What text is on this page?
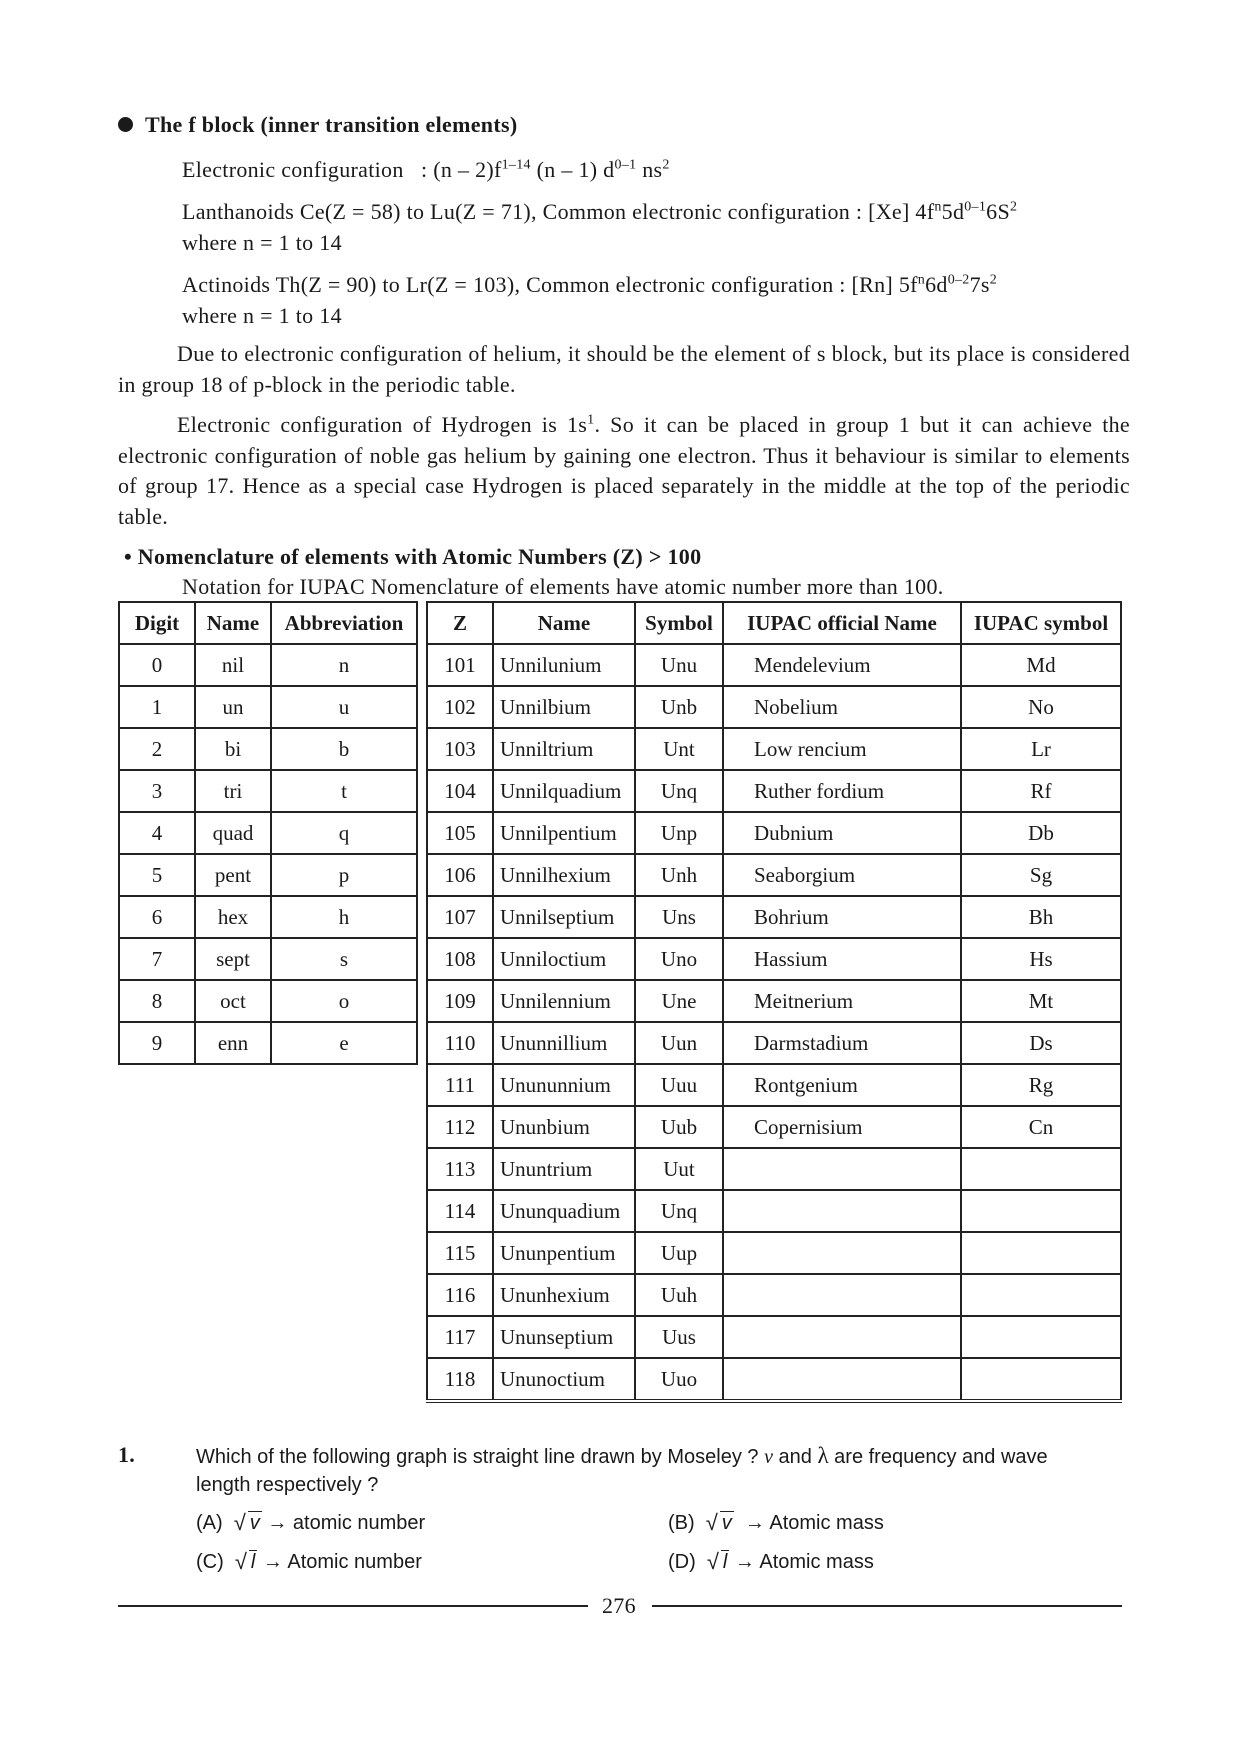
The f block (inner transition elements)
Electronic configuration : $(n - 2)f^{1-14}$ (n – 1) $d^{0-1}$ $ns^2$
Lanthanoids Ce(Z = 58) to Lu(Z = 71), Common electronic configuration : [Xe] $4f^n5d^{0-1}6S^2$
where n = 1 to 14
Actinoids Th(Z = 90) to Lr(Z = 103), Common electronic configuration : [Rn] $5f^n6d^{0-2}7s^2$
where n = 1 to 14
Due to electronic configuration of helium, it should be the element of s block, but its place is considered in group 18 of p-block in the periodic table.
Electronic configuration of Hydrogen is $1s^1$. So it can be placed in group 1 but it can achieve the electronic configuration of noble gas helium by gaining one electron. Thus it behaviour is similar to elements of group 17. Hence as a special case Hydrogen is placed separately in the middle at the top of the periodic table.
• Nomenclature of elements with Atomic Numbers (Z) > 100
Notation for IUPAC Nomenclature of elements have atomic number more than 100.
Digit	Name	Abbreviation
0	nil	n
1	un	u
2	bi	b
3	tri	t
4	quad	q
5	pent	p
6	hex	h
7	sept	s
8	oct	o
9	enn	e
Z	Name	Symbol	IUPAC official Name	IUPAC symbol
101	Unnilunium	Unu	Mendelevium	Md
102	Unnilbium	Unb	Nobelium	No
103	Unniltrium	Unt	Low rencium	Lr
104	Unnilquadium	Unq	Ruther fordium	Rf
105	Unnilpentium	Unp	Dubnium	Db
106	Unnilhexium	Unh	Seaborgium	Sg
107	Unnilseptium	Uns	Bohrium	Bh
108	Unniloctium	Uno	Hassium	Hs
109	Unnilennium	Une	Meitnerium	Mt
110	Ununnillium	Uun	Darmstadium	Ds
111	Unununnium	Uuu	Rontgenium	Rg
112	Ununbium	Uub	Copernisium	Cn
113	Ununtrium	Uut		
114	Ununquadium	Unq		
115	Ununpentium	Uup		
116	Ununhexium	Uuh		
117	Ununseptium	Uus		
118	Ununoctium	Uuo		
1.	Which of the following graph is straight line drawn by Moseley ? v and λ are frequency and wave
length respectively ?
(A) √ v → atomic number	(B) √ v → Atomic mass
(C) √ l → Atomic number	(D) √ l → Atomic mass
276
